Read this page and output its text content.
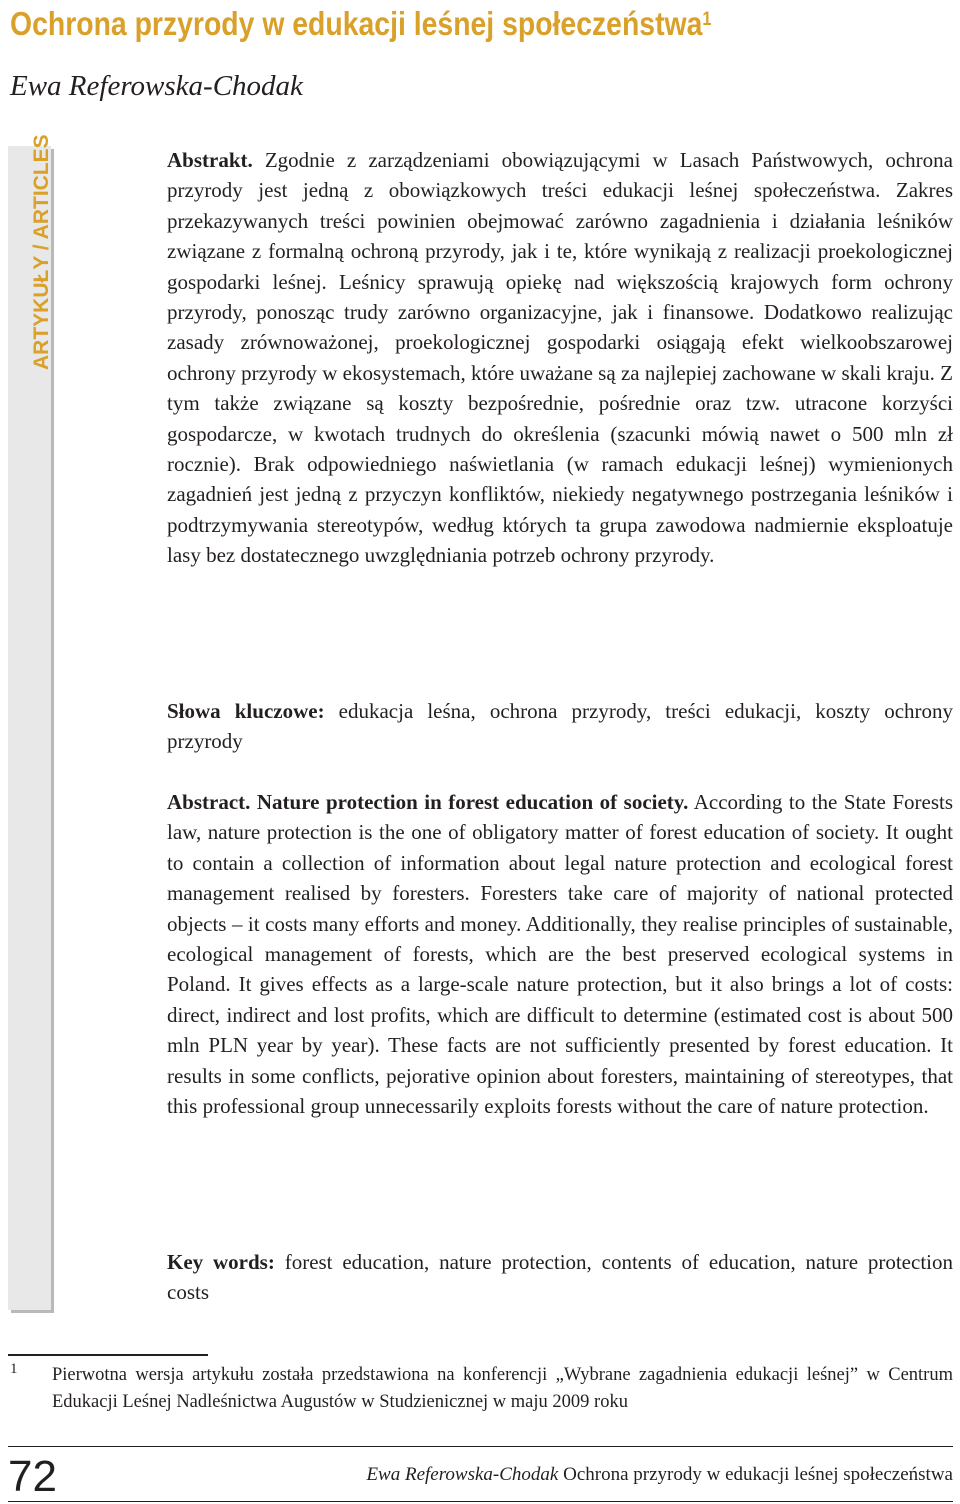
Ochrona przyrody w edukacji leśnej społeczeństwa$^1$
Ewa Referowska-Chodak
ARTYKUŁY / ARTICLES	Abstrakt. Zgodnie z zarządzeniami obowiązującymi w Lasach Państwowych, ochrona przyrody jest jedną z obowiązkowych treści edukacji leśnej społeczeństwa. Zakres przekazywanych treści powinien obejmować zarówno zagadnienia i działania leśników związane z formalną ochroną przyrody, jak i te, które wynikają z realizacji proekologicznej gospodarki leśnej. Leśnicy sprawują opiekę nad większością krajowych form ochrony przyrody, ponosząc trudy zarówno organizacyjne, jak i finansowe. Dodatkowo realizując zasady zrównoważonej, proekologicznej gospodarki osiągają efekt wielkoobszarowej ochrony przyrody w ekosystemach, które uważane są za najlepiej zachowane w skali kraju. Z tym także związane są koszty bezpośrednie, pośrednie oraz tzw. utracone korzyści gospodarcze, w kwotach trudnych do określenia (szacunki mówią nawet o 500 mln zł rocznie). Brak odpowiedniego naświetlania (w ramach edukacji leśnej) wymienionych zagadnień jest jedną z przyczyn konfliktów, niekiedy negatywnego postrzegania leśników i podtrzymywania stereotypów, według których ta grupa zawodowa nadmiernie eksploatuje lasy bez dostatecznego uwzględniania potrzeb ochrony przyrody.

Słowa kluczowe: edukacja leśna, ochrona przyrody, treści edukacji, koszty ochrony przyrody

Abstract. Nature protection in forest education of society. According to the State Forests law, nature protection is the one of obligatory matter of forest education of society. It ought to contain a collection of information about legal nature protection and ecological forest management realised by foresters. Foresters take care of majority of national protected objects – it costs many efforts and money. Additionally, they realise principles of sustainable, ecological management of forests, which are the best preserved ecological systems in Poland. It gives effects as a large-scale nature protection, but it also brings a lot of costs: direct, indirect and lost profits, which are difficult to determine (estimated cost is about 500 mln PLN year by year). These facts are not sufficiently presented by forest education. It results in some conflicts, pejorative opinion about foresters, maintaining of stereotypes, that this professional group unnecessarily exploits forests without the care of nature protection.

Key words: forest education, nature protection, contents of education, nature protection costs

1 Pierwotna wersja artykułu została przedstawiona na konferencji „Wybrane zagadnienia edukacji leśnej” w Centrum Edukacji Leśnej Nadleśnictwa Augustów w Studzienicznej w maju 2009 roku

72	Ewa Referowska-Chodak Ochrona przyrody w edukacji leśnej społeczeństwa
